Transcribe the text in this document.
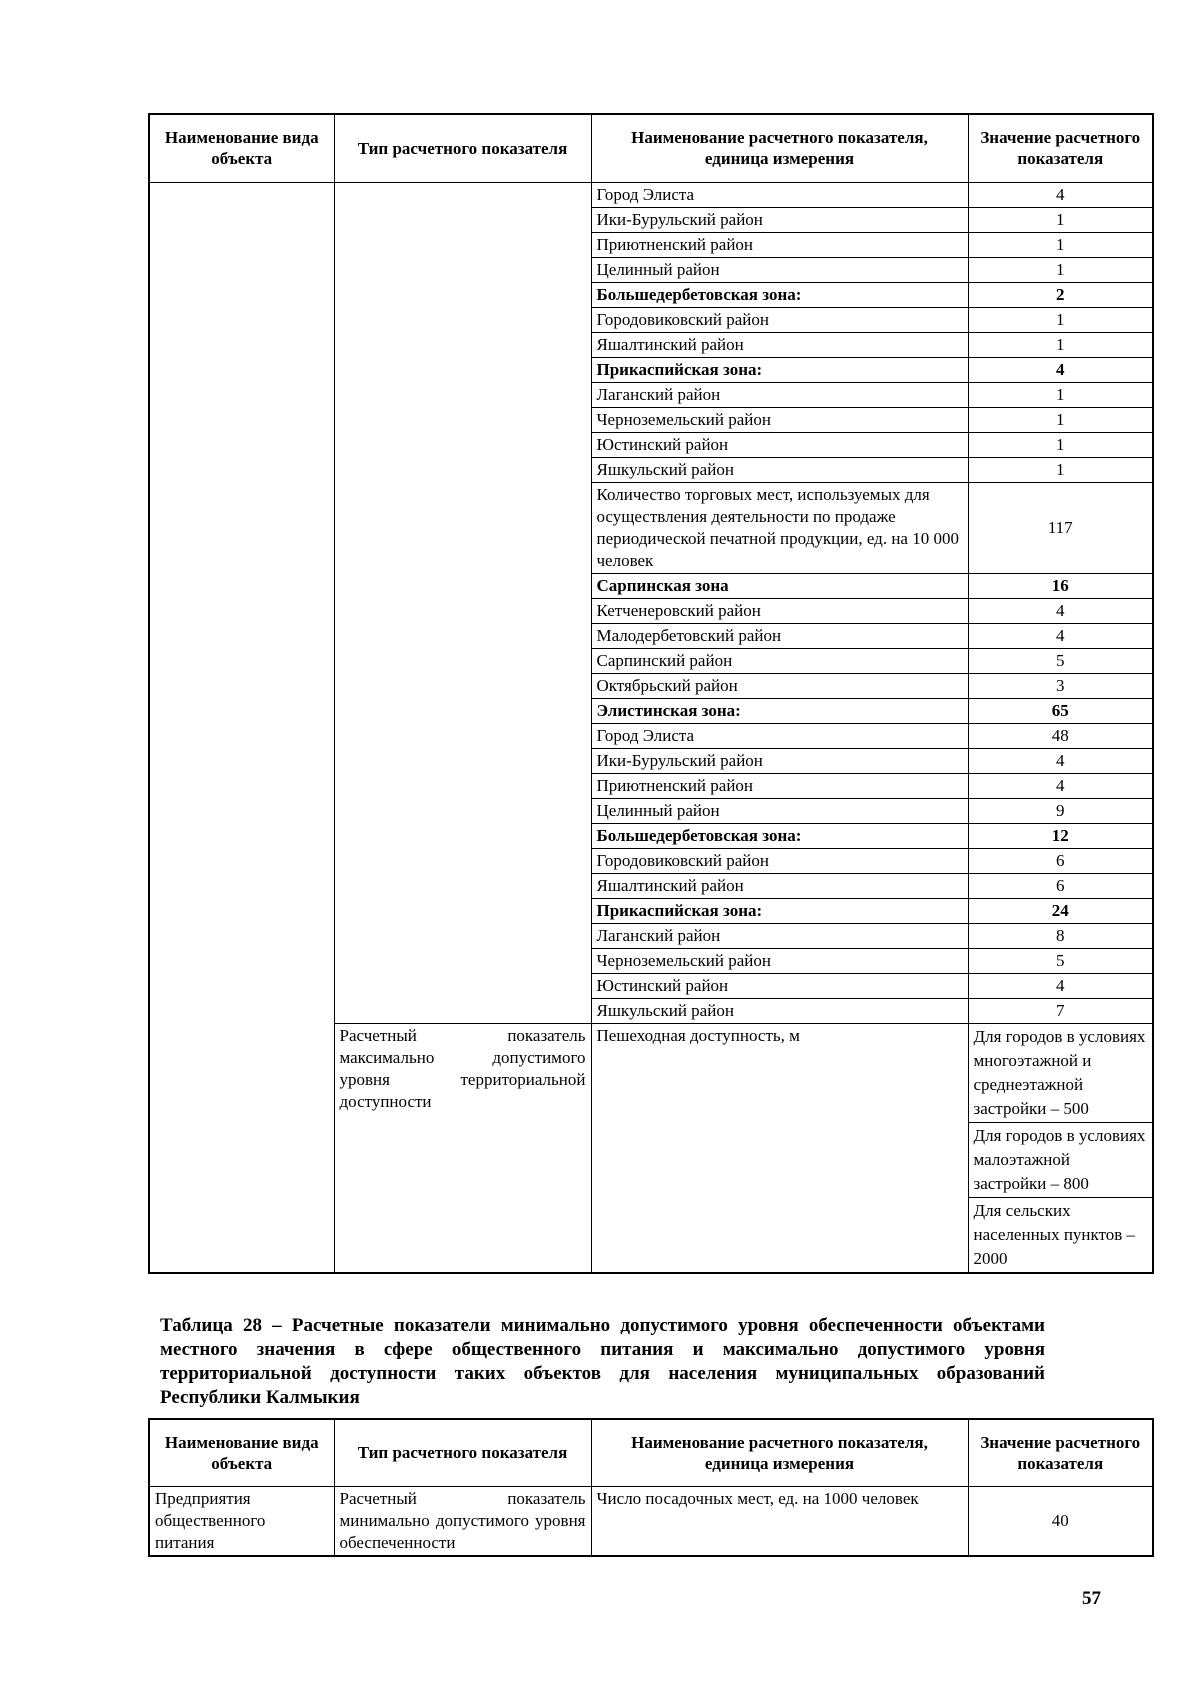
Наименование вида объекта	Тип расчетного показателя	Наименование расчетного показателя, единица измерения	Значение расчетного показателя
		Город Элиста	4
		Ики-Бурульский район	1
		Приютненский район	1
		Целинный район	1
		Большедербетовская зона:	2
		Городовиковский район	1
		Яшалтинский район	1
		Прикаспийская зона:	4
		Лаганский район	1
		Черноземельский район	1
		Юстинский район	1
		Яшкульский район	1
		Количество торговых мест, используемых для осуществления деятельности по продаже периодической печатной продукции, ед. на 10 000 человек	117
		Сарпинская зона	16
		Кетченеровский район	4
		Малодербетовский район	4
		Сарпинский район	5
		Октябрьский район	3
		Элистинская зона:	65
		Город Элиста	48
		Ики-Бурульский район	4
		Приютненский район	4
		Целинный район	9
		Большедербетовская зона:	12
		Городовиковский район	6
		Яшалтинский район	6
		Прикаспийская зона:	24
		Лаганский район	8
		Черноземельский район	5
		Юстинский район	4
		Яшкульский район	7
	Расчетный показатель максимально допустимого уровня территориальной доступности	Пешеходная доступность, м	Для городов в условиях многоэтажной и среднеэтажной застройки – 500
			Для городов в условиях малоэтажной застройки – 800
			Для сельских населенных пунктов – 2000

Таблица 28 – Расчетные показатели минимально допустимого уровня обеспеченности объектами местного значения в сфере общественного питания и максимально допустимого уровня территориальной доступности таких объектов для населения муниципальных образований Республики Калмыкия

Наименование вида объекта	Тип расчетного показателя	Наименование расчетного показателя, единица измерения	Значение расчетного показателя
Предприятия общественного питания	Расчетный показатель минимально допустимого уровня обеспеченности	Число посадочных мест, ед. на 1000 человек	40
57
